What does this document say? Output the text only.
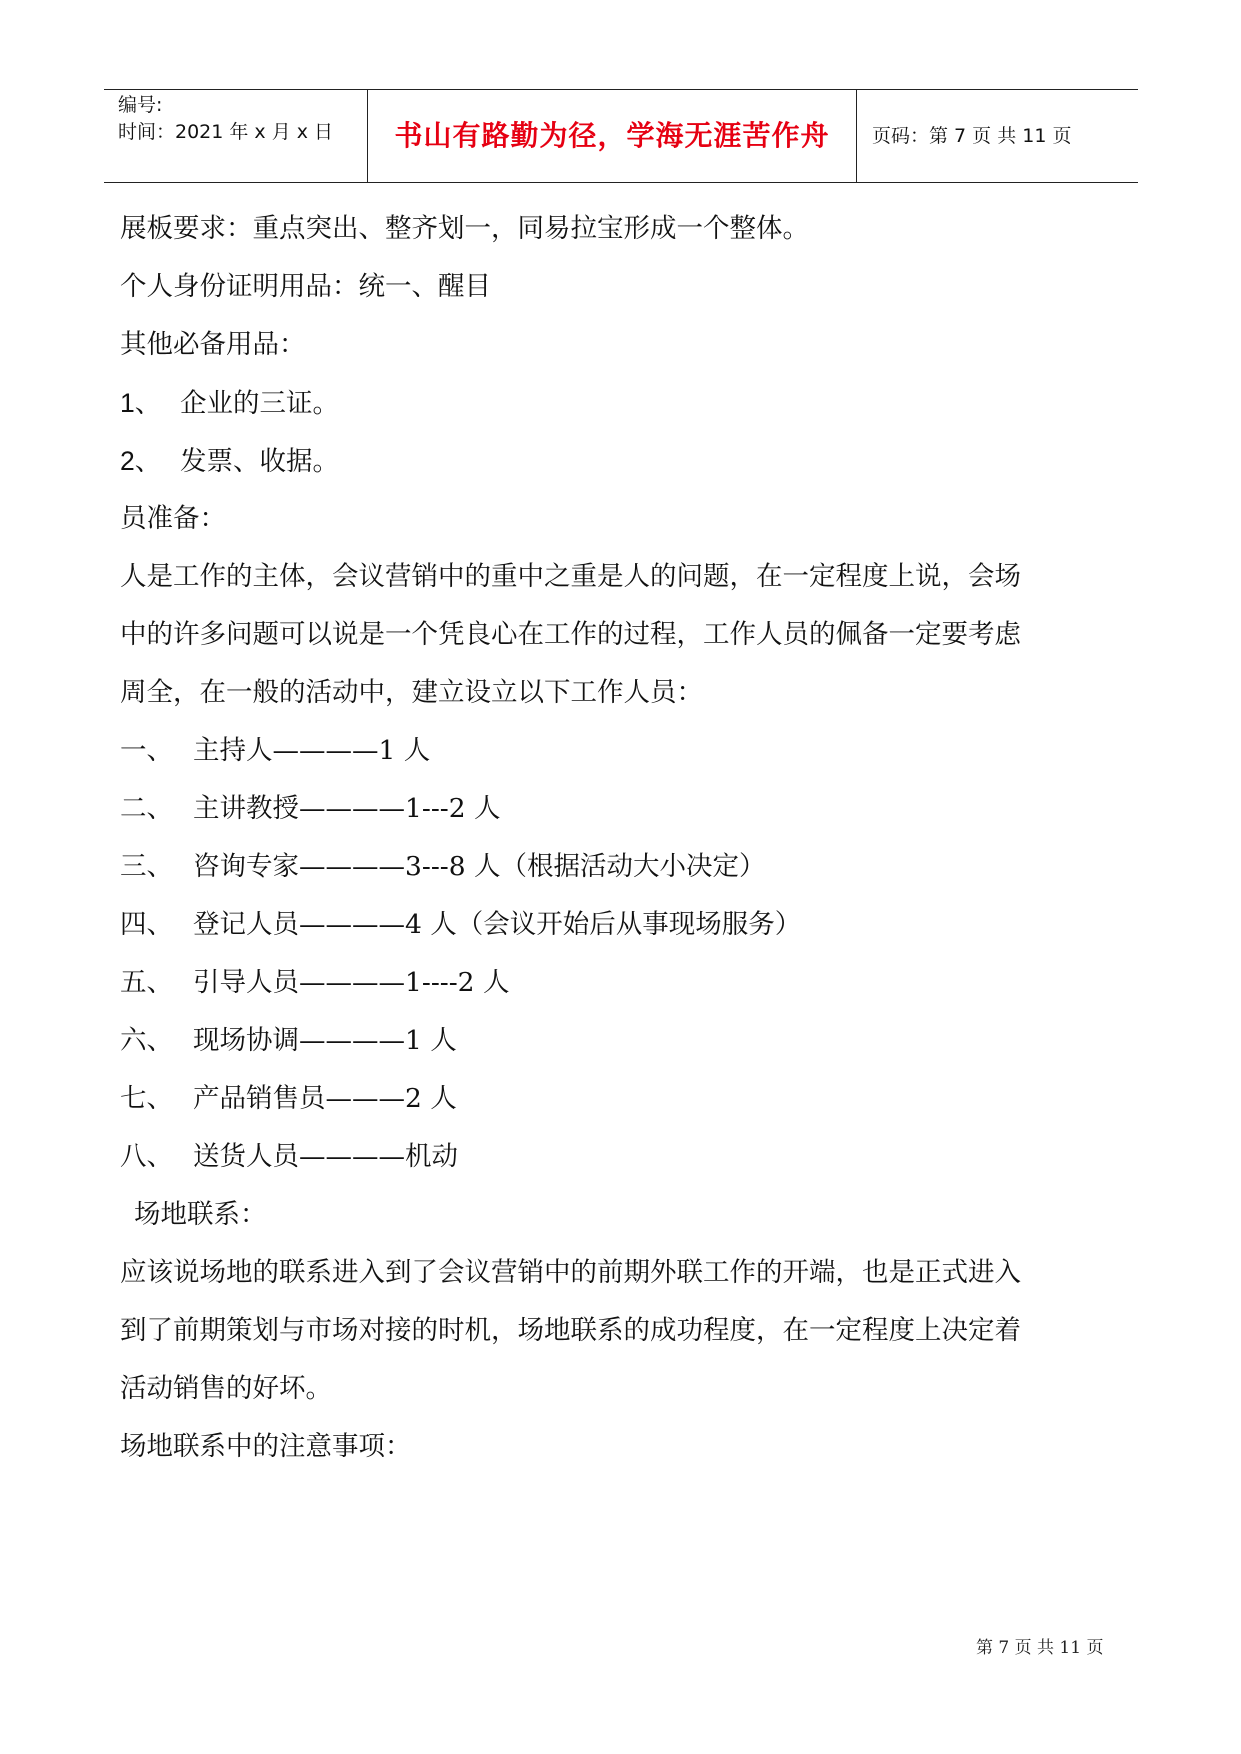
编号:
时间：2021 年 x 月 x 日	书山有路勤为径，学海无涯苦作舟	页码：第 7 页 共 11 页
展板要求：重点突出、整齐划一，同易拉宝形成一个整体。
个人身份证明用品：统一、醒目
其他必备用品：
1、 企业的三证。
2、 发票、收据。
员准备：
人是工作的主体，会议营销中的重中之重是人的问题，在一定程度上说，会场
中的许多问题可以说是一个凭良心在工作的过程，工作人员的佩备一定要考虑
周全，在一般的活动中，建立设立以下工作人员：
一、 主持人————1 人
二、 主讲教授————1---2 人
三、 咨询专家————3---8 人（根据活动大小决定）
四、 登记人员————4 人（会议开始后从事现场服务）
五、 引导人员————1----2 人
六、 现场协调————1 人
七、 产品销售员———2 人
八、 送货人员————机动
场地联系：
应该说场地的联系进入到了会议营销中的前期外联工作的开端，也是正式进入
到了前期策划与市场对接的时机，场地联系的成功程度，在一定程度上决定着
活动销售的好坏。
场地联系中的注意事项：
第 7 页 共 11 页
